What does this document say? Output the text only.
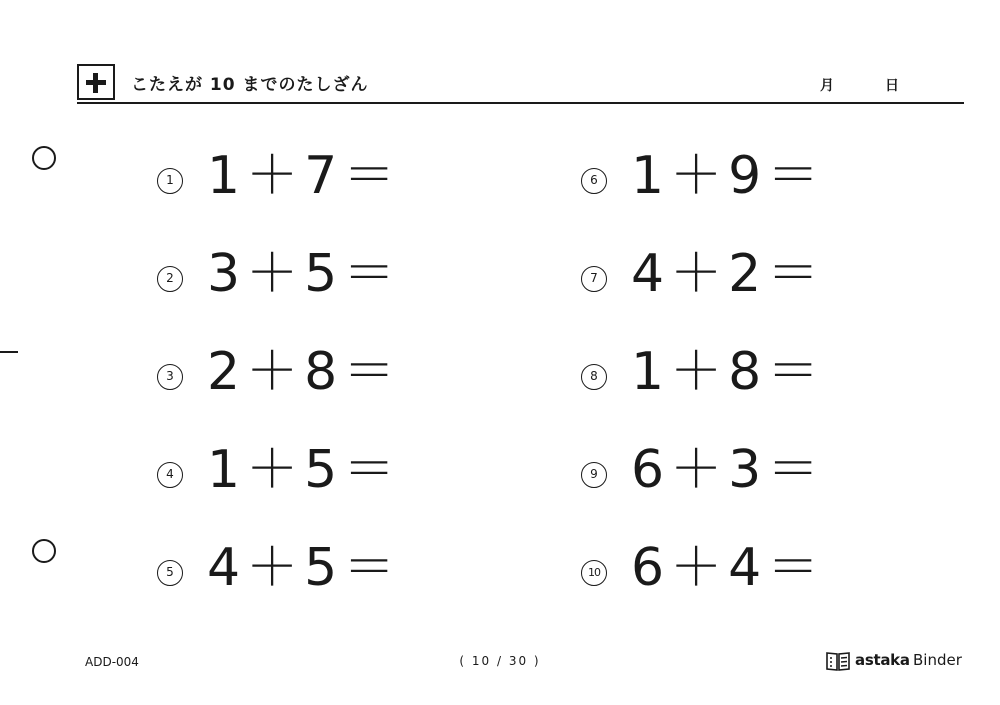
こたえが 10 までのたしざん	月	日
1 1＋7＝
2 3＋5＝
3 2＋8＝
4 1＋5＝
5 4＋5＝
6 1＋9＝
7 4＋2＝
8 1＋8＝
9 6＋3＝
10 6＋4＝
ADD-004	( 10 / 30 )	astaka Binder
